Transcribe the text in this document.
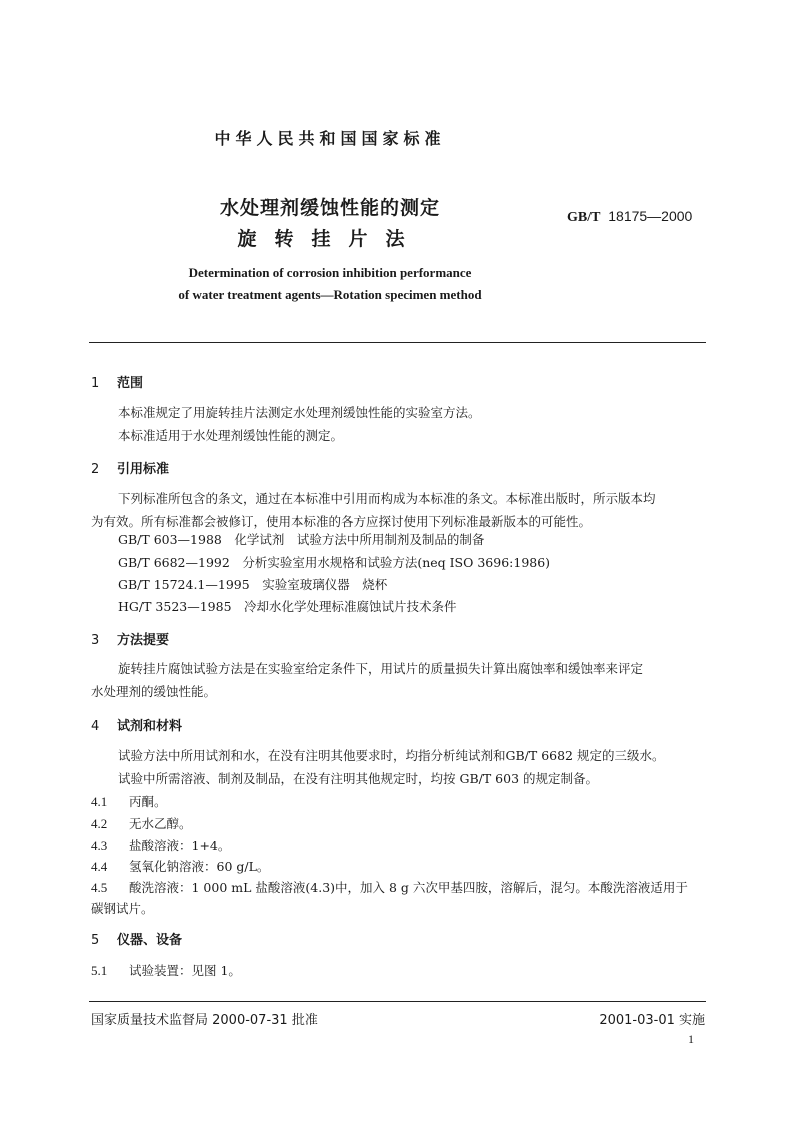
中华人民共和国国家标准
水处理剂缓蚀性能的测定
旋转挂片法
GB/T 18175—2000
Determination of corrosion inhibition performance
of water treatment agents—Rotation specimen method
1 范围
本标准规定了用旋转挂片法测定水处理剂缓蚀性能的实验室方法。
本标准适用于水处理剂缓蚀性能的测定。
2 引用标准
下列标准所包含的条文，通过在本标准中引用而构成为本标准的条文。本标准出版时，所示版本均
为有效。所有标准都会被修订，使用本标准的各方应探讨使用下列标准最新版本的可能性。
GB/T 603—1988　化学试剂　试验方法中所用制剂及制品的制备
GB/T 6682—1992　分析实验室用水规格和试验方法(neq ISO 3696:1986)
GB/T 15724.1—1995　实验室玻璃仪器　烧杯
HG/T 3523—1985　冷却水化学处理标准腐蚀试片技术条件
3 方法提要
旋转挂片腐蚀试验方法是在实验室给定条件下，用试片的质量损失计算出腐蚀率和缓蚀率来评定
水处理剂的缓蚀性能。
4 试剂和材料
试验方法中所用试剂和水，在没有注明其他要求时，均指分析纯试剂和GB/T 6682 规定的三级水。
试验中所需溶液、制剂及制品，在没有注明其他规定时，均按 GB/T 603 的规定制备。
4.1 丙酮。
4.2 无水乙醇。
4.3 盐酸溶液：1+4。
4.4 氢氧化钠溶液：60 g/L。
4.5 酸洗溶液：1 000 mL 盐酸溶液(4.3)中，加入 8 g 六次甲基四胺，溶解后，混匀。本酸洗溶液适用于
碳钢试片。
5 仪器、设备
5.1 试验装置：见图 1。
国家质量技术监督局 2000-07-31 批准	2001-03-01 实施
1
